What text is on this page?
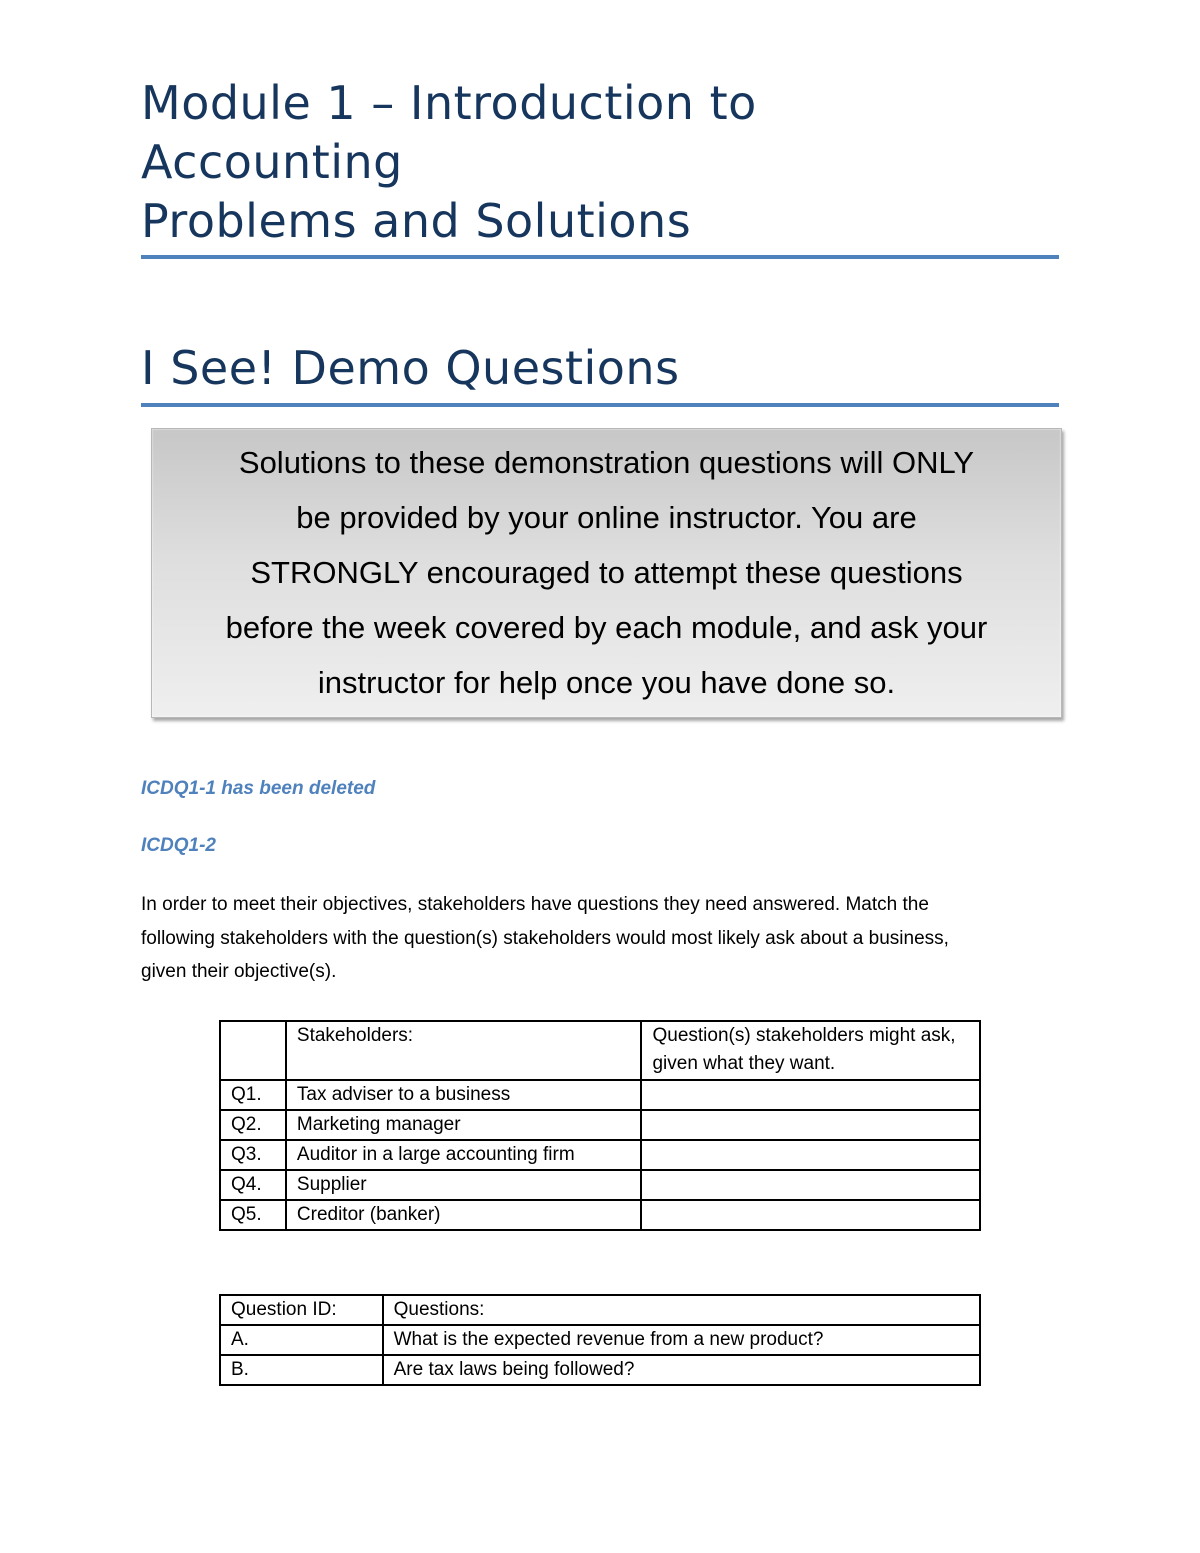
Module 1 – Introduction to
Accounting
Problems and Solutions
I See! Demo Questions
Solutions to these demonstration questions will ONLY
be provided by your online instructor. You are
STRONGLY encouraged to attempt these questions
before the week covered by each module, and ask your
instructor for help once you have done so.
ICDQ1-1 has been deleted
ICDQ1-2
In order to meet their objectives, stakeholders have questions they need answered. Match the
following stakeholders with the question(s) stakeholders would most likely ask about a business,
given their objective(s).
	Stakeholders:	Question(s) stakeholders might ask, given what they want.
Q1.	Tax adviser to a business	
Q2.	Marketing manager	
Q3.	Auditor in a large accounting firm	
Q4.	Supplier	
Q5.	Creditor (banker)	
Question ID:	Questions:
A.	What is the expected revenue from a new product?
B.	Are tax laws being followed?
